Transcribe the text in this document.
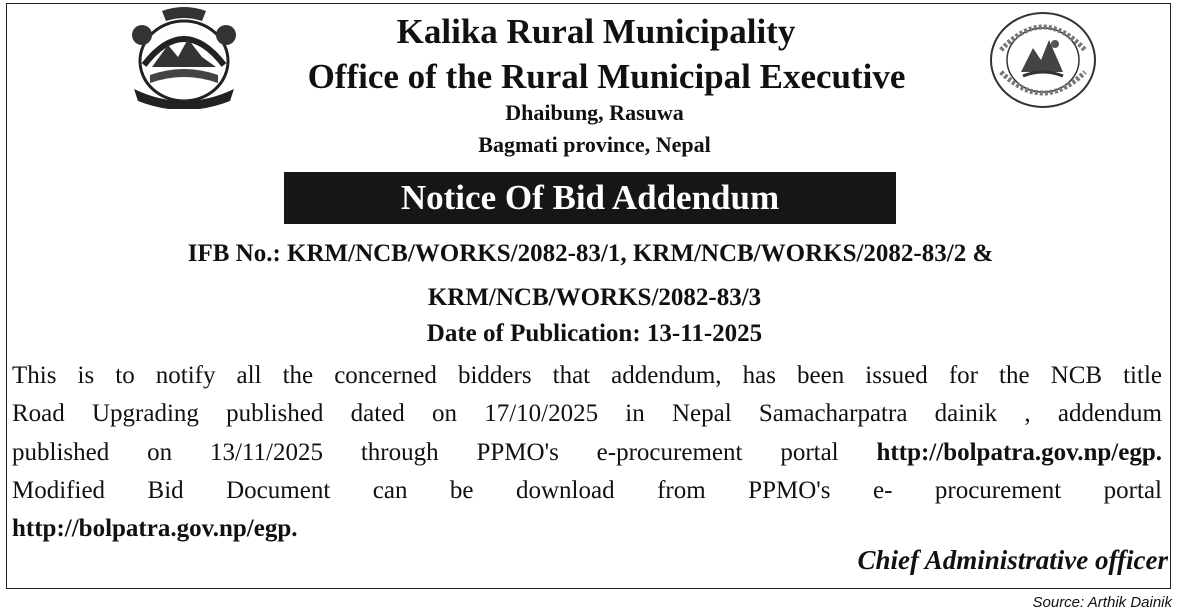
Kalika Rural Municipality
Office of the Rural Municipal Executive
Dhaibung, Rasuwa
Bagmati province, Nepal
Notice Of Bid Addendum
IFB No.: KRM/NCB/WORKS/2082-83/1, KRM/NCB/WORKS/2082-83/2 &
KRM/NCB/WORKS/2082-83/3
Date of Publication: 13-11-2025
This is to notify all the concerned bidders that addendum, has been issued for the NCB title
Road Upgrading published dated on 17/10/2025 in Nepal Samacharpatra dainik , addendum
published on 13/11/2025 through PPMO's e-procurement portal http://bolpatra.gov.np/egp.
Modified Bid Document can be download from PPMO's e- procurement portal
http://bolpatra.gov.np/egp.
Chief Administrative officer
Source: Arthik Dainik
